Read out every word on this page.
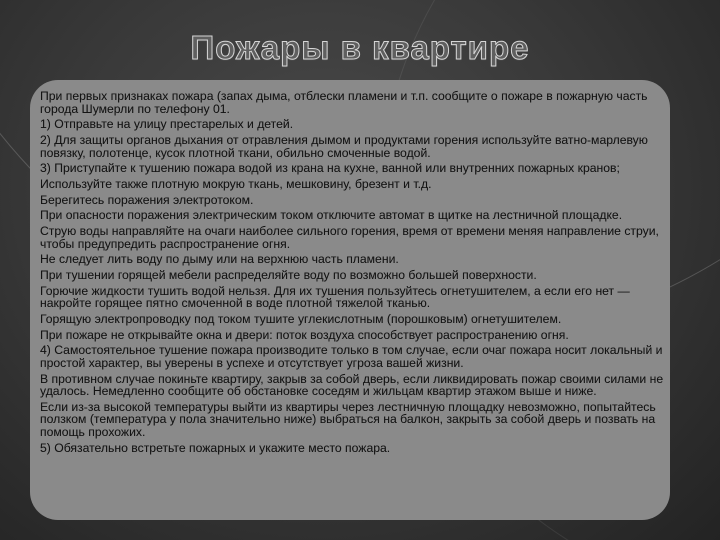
Пожары в квартире

При первых признаках пожара (запах дыма, отблески пламени и т.п. сообщите о пожаре в пожарную часть города Шумерли по телефону 01.

1) Отправьте на улицу престарелых и детей.

2) Для защиты органов дыхания от отравления дымом и продуктами горения используйте ватно-марлевую повязку, полотенце, кусок плотной ткани, обильно смоченные водой.

3) Приступайте к тушению пожара водой из крана на кухне, ванной или внутренних пожарных кранов;

Используйте также плотную мокрую ткань, мешковину, брезент и т.д.

Берегитесь поражения электротоком.

При опасности поражения электрическим током отключите автомат в щитке на лестничной площадке.

Струю воды направляйте на очаги наиболее сильного горения, время от времени меняя направление струи, чтобы предупредить распространение огня.

Не следует лить воду по дыму или на верхнюю часть пламени.

При тушении горящей мебели распределяйте воду по возможно большей поверхности.

Горючие жидкости тушить водой нельзя. Для их тушения пользуйтесь огнетушителем, а если его нет — накройте горящее пятно смоченной в воде плотной тяжелой тканью.

Горящую электропроводку под током тушите углекислотным (порошковым) огнетушителем.

При пожаре не открывайте окна и двери: поток воздуха способствует распространению огня.

4) Самостоятельное тушение пожара производите только в том случае, если очаг пожара носит локальный и простой характер, вы уверены в успехе и отсутствует угроза вашей жизни.

В противном случае покиньте квартиру, закрыв за собой дверь, если ликвидировать пожар своими силами не удалось. Немедленно сообщите об обстановке соседям и жильцам квартир этажом выше и ниже.

Если из-за высокой температуры выйти из квартиры через лестничную площадку невозможно, попытайтесь ползком (температура у пола значительно ниже) выбраться на балкон, закрыть за собой дверь и позвать на помощь прохожих.

5) Обязательно встретьте пожарных и укажите место пожара.
